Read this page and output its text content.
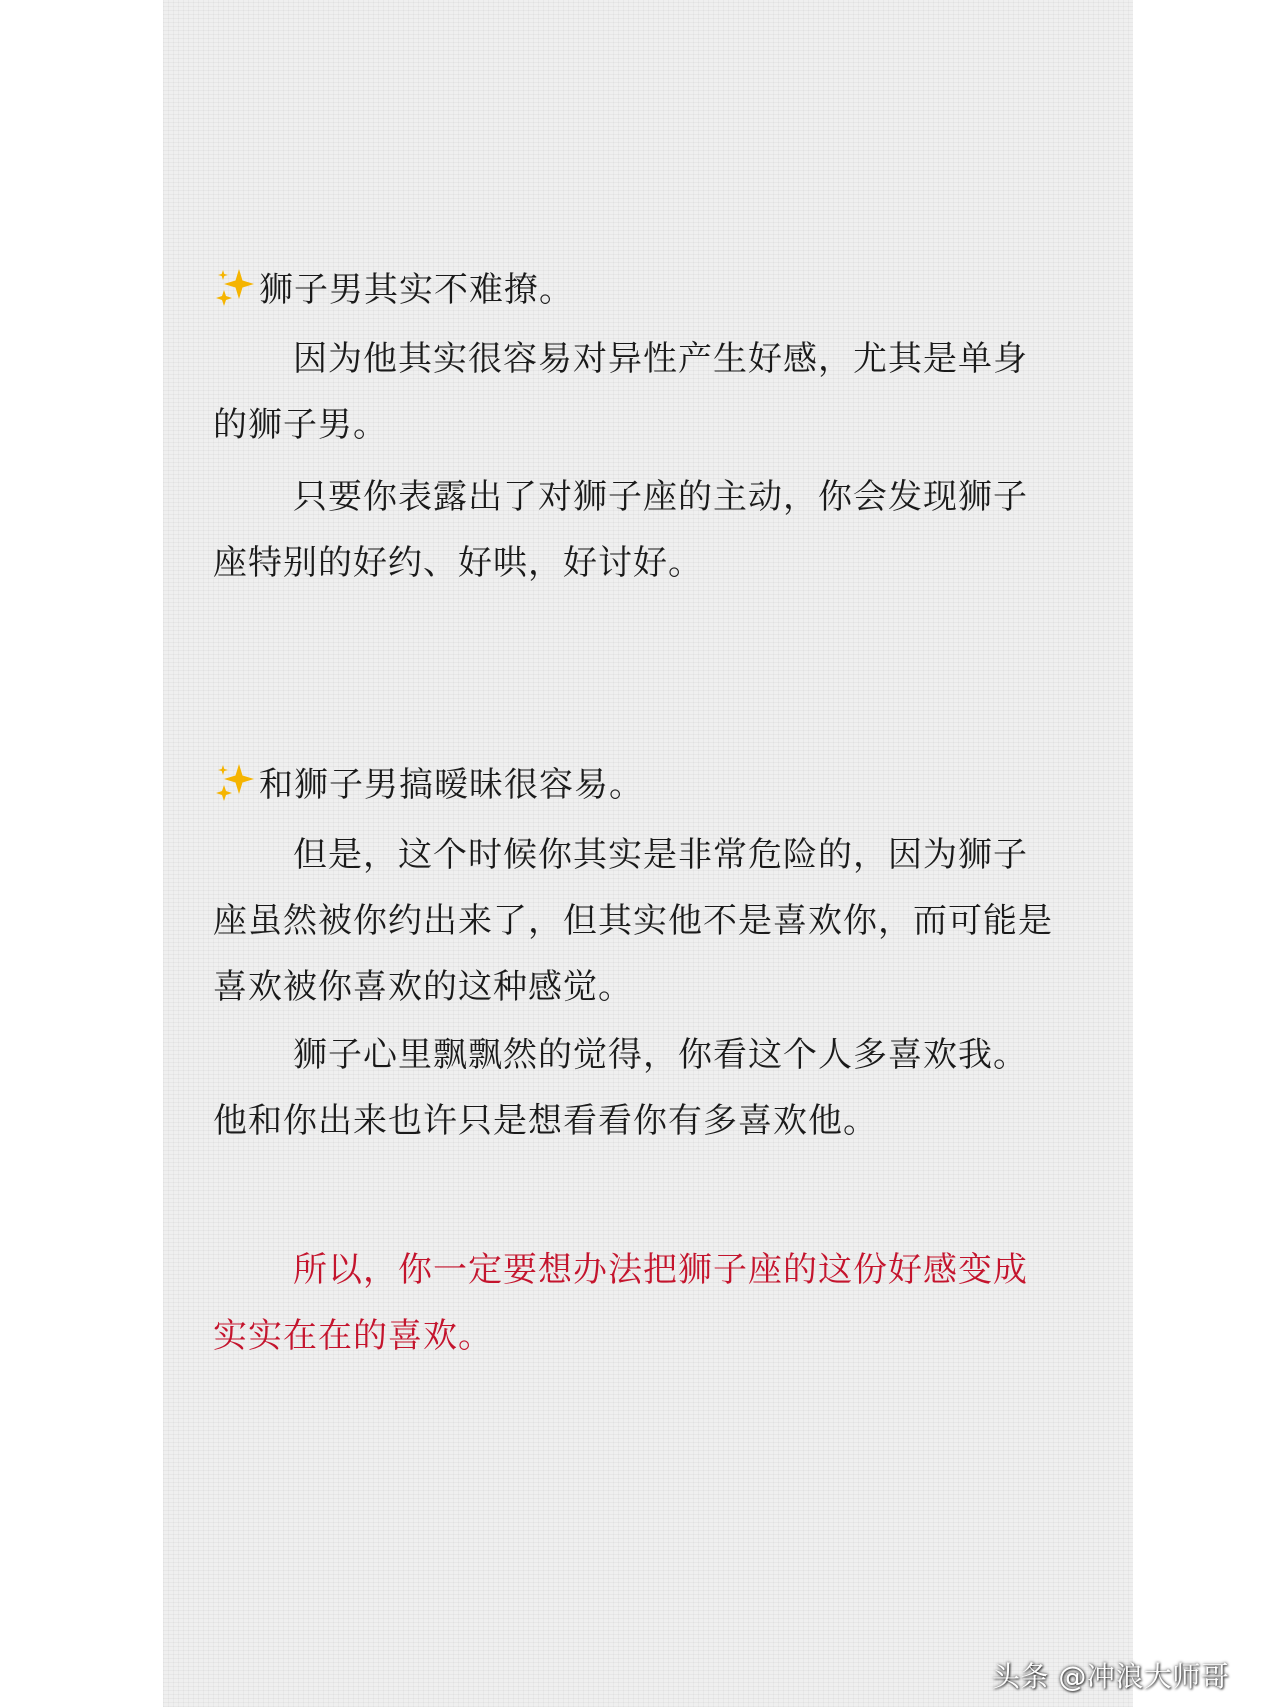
狮子男其实不难撩。

因为他其实很容易对异性产生好感，尤其是单身的狮子男。

只要你表露出了对狮子座的主动，你会发现狮子座特别的好约、好哄，好讨好。

和狮子男搞暧昧很容易。

但是，这个时候你其实是非常危险的，因为狮子座虽然被你约出来了，但其实他不是喜欢你，而可能是喜欢被你喜欢的这种感觉。

狮子心里飘飘然的觉得，你看这个人多喜欢我。他和你出来也许只是想看看你有多喜欢他。

所以，你一定要想办法把狮子座的这份好感变成实实在在的喜欢。

头条 @冲浪大师哥
